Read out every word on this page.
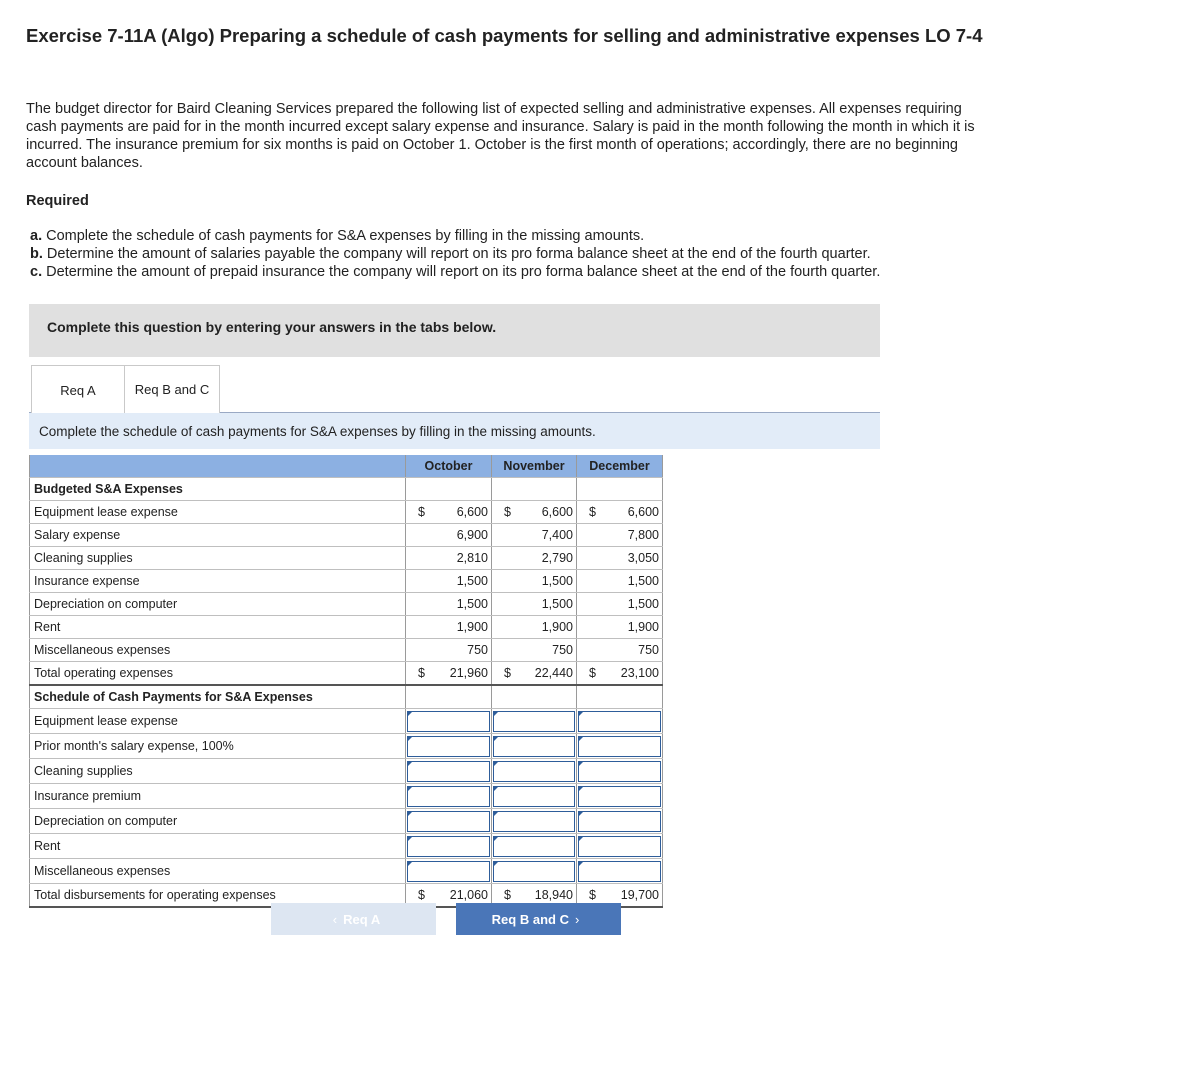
Exercise 7-11A (Algo) Preparing a schedule of cash payments for selling and administrative expenses LO 7-4
The budget director for Baird Cleaning Services prepared the following list of expected selling and administrative expenses. All expenses requiring cash payments are paid for in the month incurred except salary expense and insurance. Salary is paid in the month following the month in which it is incurred. The insurance premium for six months is paid on October 1. October is the first month of operations; accordingly, there are no beginning account balances.
Required
a. Complete the schedule of cash payments for S&A expenses by filling in the missing amounts.
b. Determine the amount of salaries payable the company will report on its pro forma balance sheet at the end of the fourth quarter.
c. Determine the amount of prepaid insurance the company will report on its pro forma balance sheet at the end of the fourth quarter.
Complete this question by entering your answers in the tabs below.
Req A	Req B and C
Complete the schedule of cash payments for S&A expenses by filling in the missing amounts.
	October	November	December
Budgeted S&A Expenses			
Equipment lease expense	$ 6,600	$ 6,600	$ 6,600

Salary expense	6,900	7,400	7,800

Cleaning supplies	2,810	2,790	3,050

Insurance expense	1,500	1,500	1,500

Depreciation on computer	1,500	1,500	1,500

Rent	1,900	1,900	1,900

Miscellaneous expenses	750	750	750

Total operating expenses	$ 21,960	$ 22,440	$ 23,100

Schedule of Cash Payments for S&A Expenses			
Equipment lease expense	

Prior month's salary expense, 100%	

Cleaning supplies	

Insurance premium	

Depreciation on computer	

Rent	

Miscellaneous expenses	

Total disbursements for operating expenses	$ 21,060	$ 18,940	$ 19,700
‹ Req A	Req B and C ›
